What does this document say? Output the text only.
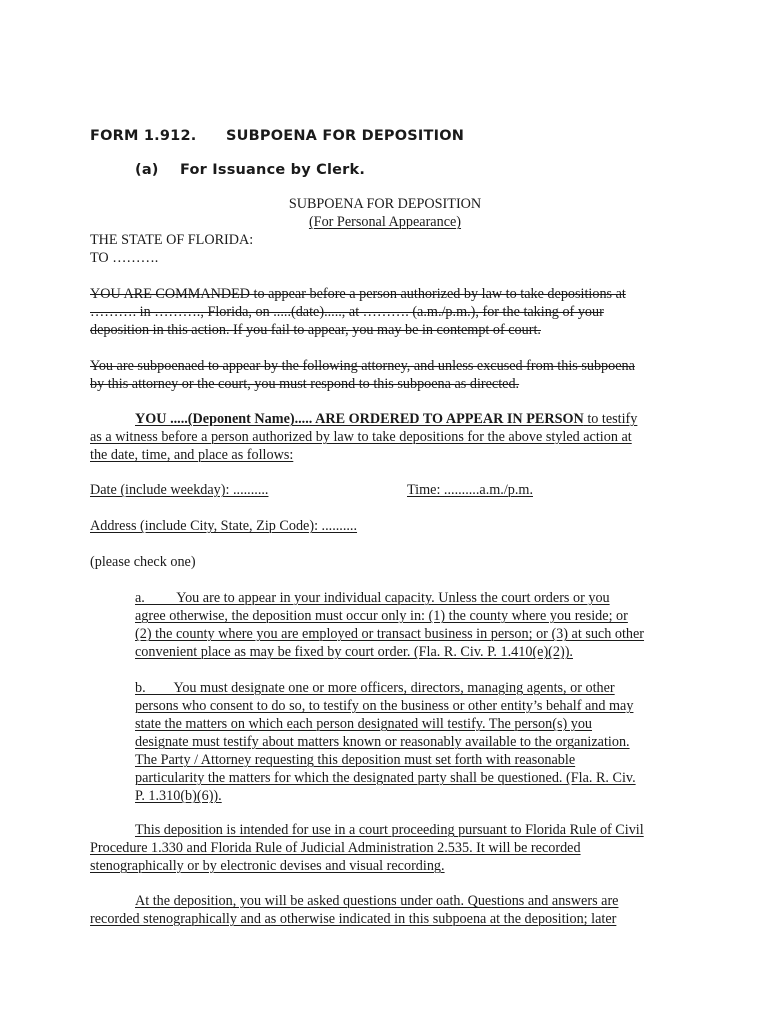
FORM 1.912. SUBPOENA FOR DEPOSITION
(a) For Issuance by Clerk.
SUBPOENA FOR DEPOSITION
(For Personal Appearance)
THE STATE OF FLORIDA:
TO ……….
YOU ARE COMMANDED to appear before a person authorized by law to take depositions at
………. in ………., Florida, on .....(date)....., at ………. (a.m./p.m.), for the taking of your
deposition in this action. If you fail to appear, you may be in contempt of court.
You are subpoenaed to appear by the following attorney, and unless excused from this subpoena
by this attorney or the court, you must respond to this subpoena as directed.
YOU .....(Deponent Name)..... ARE ORDERED TO APPEAR IN PERSON to testify
as a witness before a person authorized by law to take depositions for the above styled action at
the date, time, and place as follows:
Date (include weekday): ..........	Time: ..........a.m./p.m.
Address (include City, State, Zip Code): ..........
(please check one)
a.         You are to appear in your individual capacity. Unless the court orders or you
agree otherwise, the deposition must occur only in: (1) the county where you reside; or
(2) the county where you are employed or transact business in person; or (3) at such other
convenient place as may be fixed by court order. (Fla. R. Civ. P. 1.410(e)(2)).
b.        You must designate one or more officers, directors, managing agents, or other
persons who consent to do so, to testify on the business or other entity’s behalf and may
state the matters on which each person designated will testify. The person(s) you
designate must testify about matters known or reasonably available to the organization.
The Party / Attorney requesting this deposition must set forth with reasonable
particularity the matters for which the designated party shall be questioned. (Fla. R. Civ.
P. 1.310(b)(6)).
This deposition is intended for use in a court proceeding pursuant to Florida Rule of Civil
Procedure 1.330 and Florida Rule of Judicial Administration 2.535. It will be recorded
stenographically or by electronic devises and visual recording.
At the deposition, you will be asked questions under oath. Questions and answers are
recorded stenographically and as otherwise indicated in this subpoena at the deposition; later
